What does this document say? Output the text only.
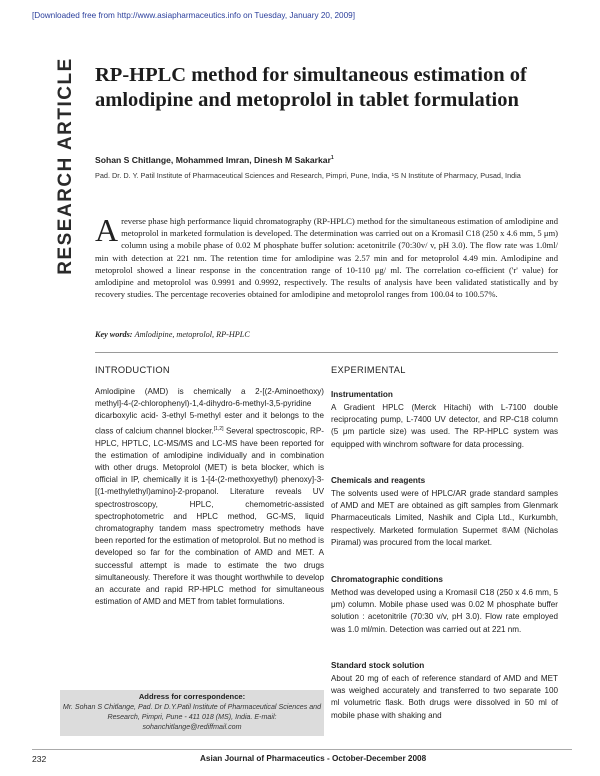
[Downloaded free from http://www.asiapharmaceutics.info on Tuesday, January 20, 2009]
RESEARCH ARTICLE RP-HPLC method for simultaneous estimation of amlodipine and metoprolol in tablet formulation
Sohan S Chitlange, Mohammed Imran, Dinesh M Sakarkar$^1$
Pad. Dr. D. Y. Patil Institute of Pharmaceutical Sciences and Research, Pimpri, Pune, India, ¹S N Institute of Pharmacy, Pusad, India
Areverse phase high performance liquid chromatography (RP-HPLC) method for the simultaneous estimation of amlodipine and metoprolol in marketed formulation is developed. The determination was carried out on a Kromasil C18 (250 x 4.6 mm, 5 μm) column using a mobile phase of 0.02 M phosphate buffer solution: acetonitrile (70:30v/ v, pH 3.0). The flow rate was 1.0ml/ min with detection at 221 nm. The retention time for amlodipine was 2.57 min and for metoprolol 4.49 min. Amlodipine and metoprolol showed a linear response in the concentration range of 10-110 μg/ ml. The correlation co-efficient ('r' value) for amlodipine and metoprolol was 0.9991 and 0.9992, respectively. The results of analysis have been validated statistically and by recovery studies. The percentage recoveries obtained for amlodipine and metoprolol ranges from 100.04 to 100.57%.
Key words: Amlodipine, metoprolol, RP-HPLC
INTRODUCTION
Amlodipine (AMD) is chemically a 2-[(2-Aminoethoxy) methyl]-4-(2-chlorophenyl)-1,4-dihydro-6-methyl-3,5-pyridine dicarboxylic acid- 3-ethyl 5-methyl ester and it belongs to the class of calcium channel blocker.[1,2] Several spectroscopic, RP-HPLC, HPTLC, LC-MS/MS and LC-MS have been reported for the estimation of amlodipine individually and in combination with other drugs. Metoprolol (MET) is beta blocker, which is official in IP, chemically it is 1-[4-(2-methoxyethyl) phenoxy]-3-[(1-methylethyl)amino]-2-propanol. Literature reveals UV spectrostroscopy, HPLC, chemometric-assisted spectrophotometric and HPLC method, GC-MS, liquid chromatography tandem mass spectrometry methods have been reported for the estimation of metoprolol. But no method is developed so far for the combination of AMD and MET. A successful attempt is made to estimate the two drugs simultaneously. Therefore it was thought worthwhile to develop an accurate and rapid RP-HPLC method for simultaneous estimation of AMD and MET from tablet formulations.
Address for correspondence:
Mr. Sohan S Chitlange, Pad. Dr D.Y.Patil Institute of Pharmaceutical Sciences and Research, Pimpri, Pune - 411 018 (MS), India. E-mail: sohanchitlange@rediffmail.com
EXPERIMENTAL
Instrumentation
A Gradient HPLC (Merck Hitachi) with L-7100 double reciprocating pump, L-7400 UV detector, and RP-C18 column (5 μm particle size) was used. The RP-HPLC system was equipped with winchrom software for data processing.
Chemicals and reagents
The solvents used were of HPLC/AR grade standard samples of AMD and MET are obtained as gift samples from Glenmark Pharmaceuticals Limited, Nashik and Cipla Ltd., Kurkumbh, respectively. Marketed formulation Supermet ®AM (Nicholas Piramal) was procured from the local market.
Chromatographic conditions
Method was developed using a Kromasil C18 (250 x 4.6 mm, 5 μm) column. Mobile phase used was 0.02 M phosphate buffer solution : acetonitrile (70:30 v/v, pH 3.0). Flow rate employed was 1.0 ml/min. Detection was carried out at 221 nm.
Standard stock solution
About 20 mg of each of reference standard of AMD and MET was weighed accurately and transferred to two separate 100 ml volumetric flask. Both drugs were dissolved in 50 ml of mobile phase with shaking and
232	Asian Journal of Pharmaceutics - October-December 2008
